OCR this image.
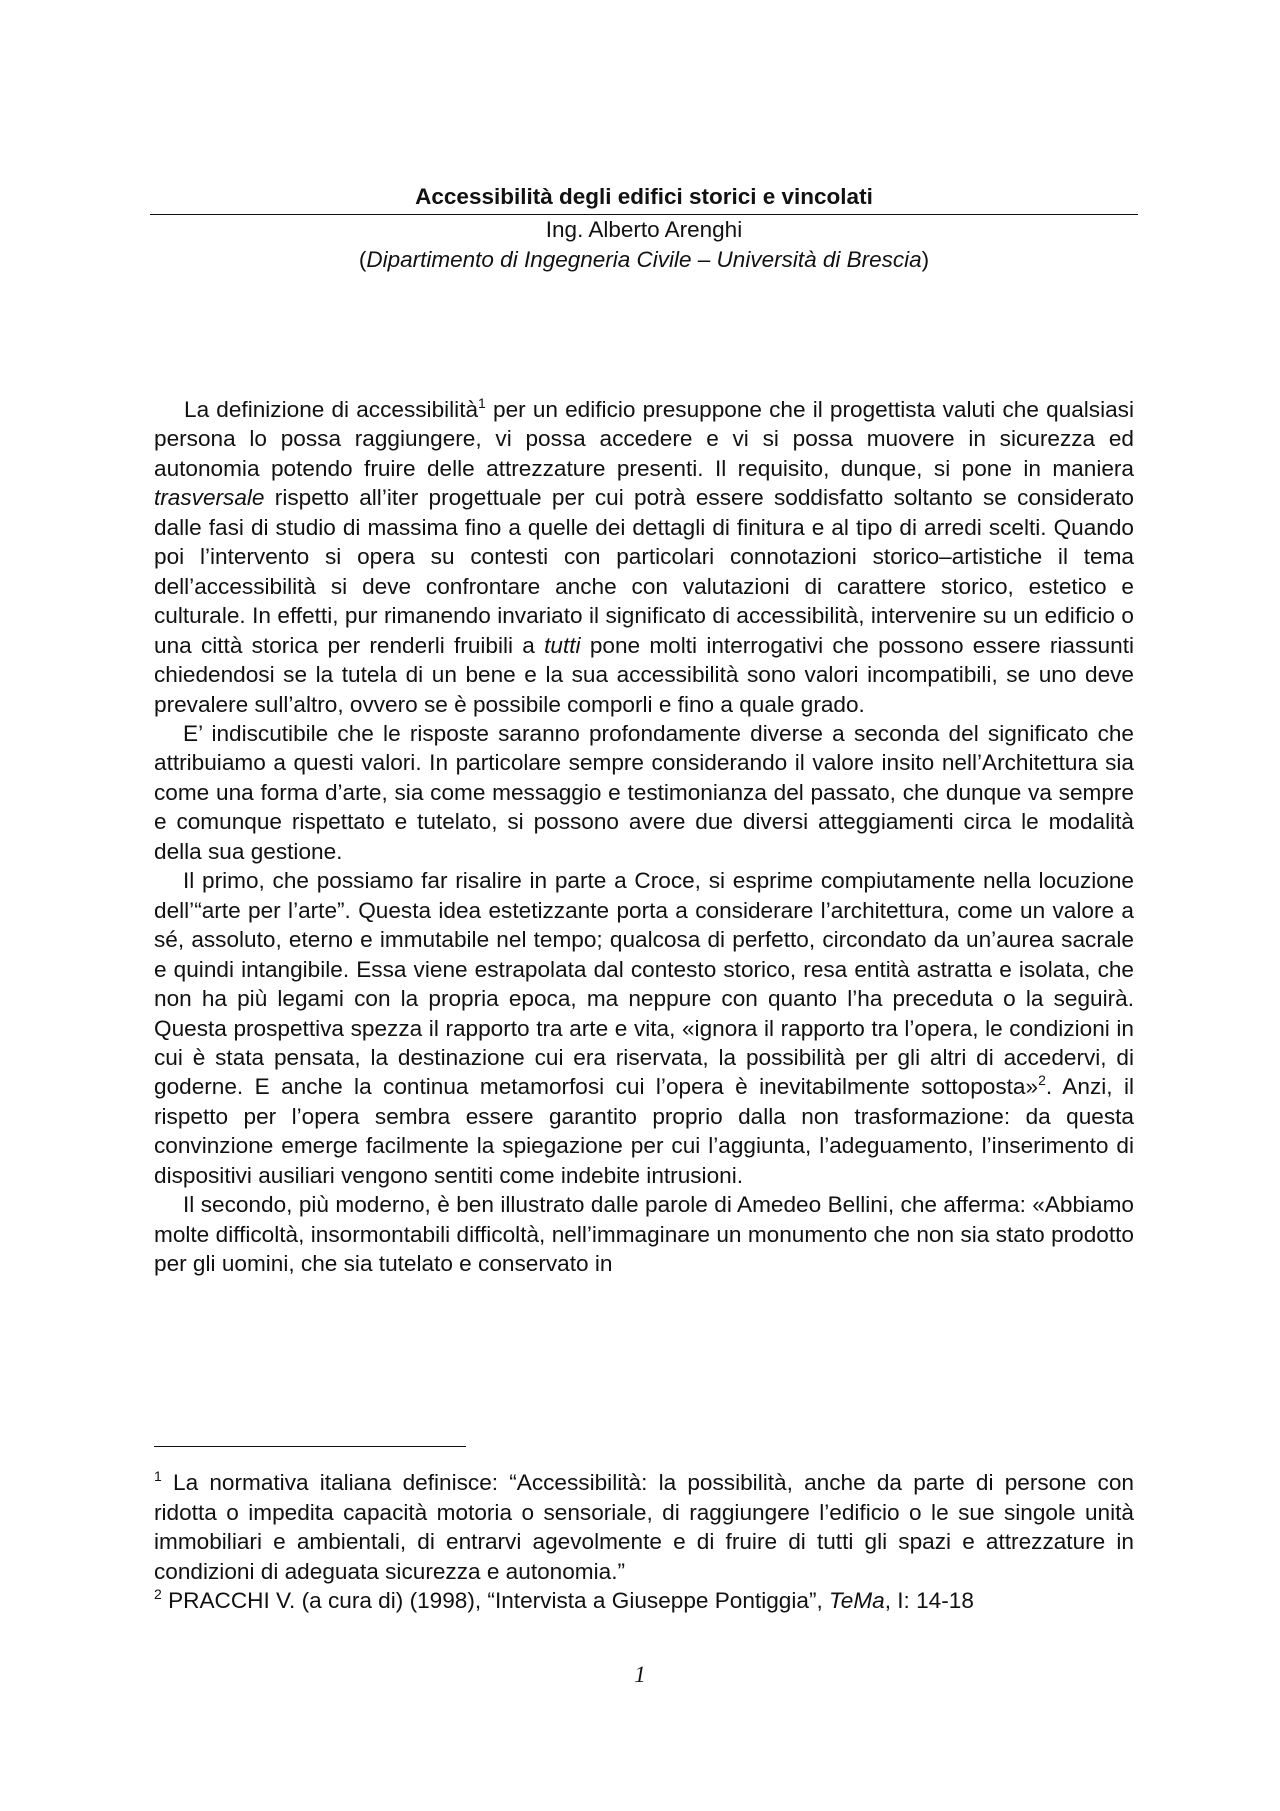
Accessibilità degli edifici storici e vincolati
Ing. Alberto Arenghi
(Dipartimento di Ingegneria Civile – Università di Brescia)

La definizione di accessibilità$^1$ per un edificio presuppone che il progettista valuti che qualsiasi persona lo possa raggiungere, vi possa accedere e vi si possa muovere in sicurezza ed autonomia potendo fruire delle attrezzature presenti. Il requisito, dunque, si pone in maniera trasversale rispetto all’iter progettuale per cui potrà essere soddisfatto soltanto se considerato dalle fasi di studio di massima fino a quelle dei dettagli di finitura e al tipo di arredi scelti. Quando poi l’intervento si opera su contesti con particolari connotazioni storico–artistiche il tema dell’accessibilità si deve confrontare anche con valutazioni di carattere storico, estetico e culturale. In effetti, pur rimanendo invariato il significato di accessibilità, intervenire su un edificio o una città storica per renderli fruibili a tutti pone molti interrogativi che possono essere riassunti chiedendosi se la tutela di un bene e la sua accessibilità sono valori incompatibili, se uno deve prevalere sull’altro, ovvero se è possibile comporli e fino a quale grado.

E’ indiscutibile che le risposte saranno profondamente diverse a seconda del significato che attribuiamo a questi valori. In particolare sempre considerando il valore insito nell’Architettura sia come una forma d’arte, sia come messaggio e testimonianza del passato, che dunque va sempre e comunque rispettato e tutelato, si possono avere due diversi atteggiamenti circa le modalità della sua gestione.

Il primo, che possiamo far risalire in parte a Croce, si esprime compiutamente nella locuzione dell’“arte per l’arte”. Questa idea estetizzante porta a considerare l’architettura, come un valore a sé, assoluto, eterno e immutabile nel tempo; qualcosa di perfetto, circondato da un’aurea sacrale e quindi intangibile. Essa viene estrapolata dal contesto storico, resa entità astratta e isolata, che non ha più legami con la propria epoca, ma neppure con quanto l’ha preceduta o la seguirà. Questa prospettiva spezza il rapporto tra arte e vita, «ignora il rapporto tra l’opera, le condizioni in cui è stata pensata, la destinazione cui era riservata, la possibilità per gli altri di accedervi, di goderne. E anche la continua metamorfosi cui l’opera è inevitabilmente sottoposta»$^2$. Anzi, il rispetto per l’opera sembra essere garantito proprio dalla non trasformazione: da questa convinzione emerge facilmente la spiegazione per cui l’aggiunta, l’adeguamento, l’inserimento di dispositivi ausiliari vengono sentiti come indebite intrusioni.

Il secondo, più moderno, è ben illustrato dalle parole di Amedeo Bellini, che afferma: «Abbiamo molte difficoltà, insormontabili difficoltà, nell’immaginare un monumento che non sia stato prodotto per gli uomini, che sia tutelato e conservato in

$^1$ La normativa italiana definisce: “Accessibilità: la possibilità, anche da parte di persone con ridotta o impedita capacità motoria o sensoriale, di raggiungere l’edificio o le sue singole unità immobiliari e ambientali, di entrarvi agevolmente e di fruire di tutti gli spazi e attrezzature in condizioni di adeguata sicurezza e autonomia.”

$^2$ PRACCHI V. (a cura di) (1998), “Intervista a Giuseppe Pontiggia”, TeMa, I: 14-18

1
